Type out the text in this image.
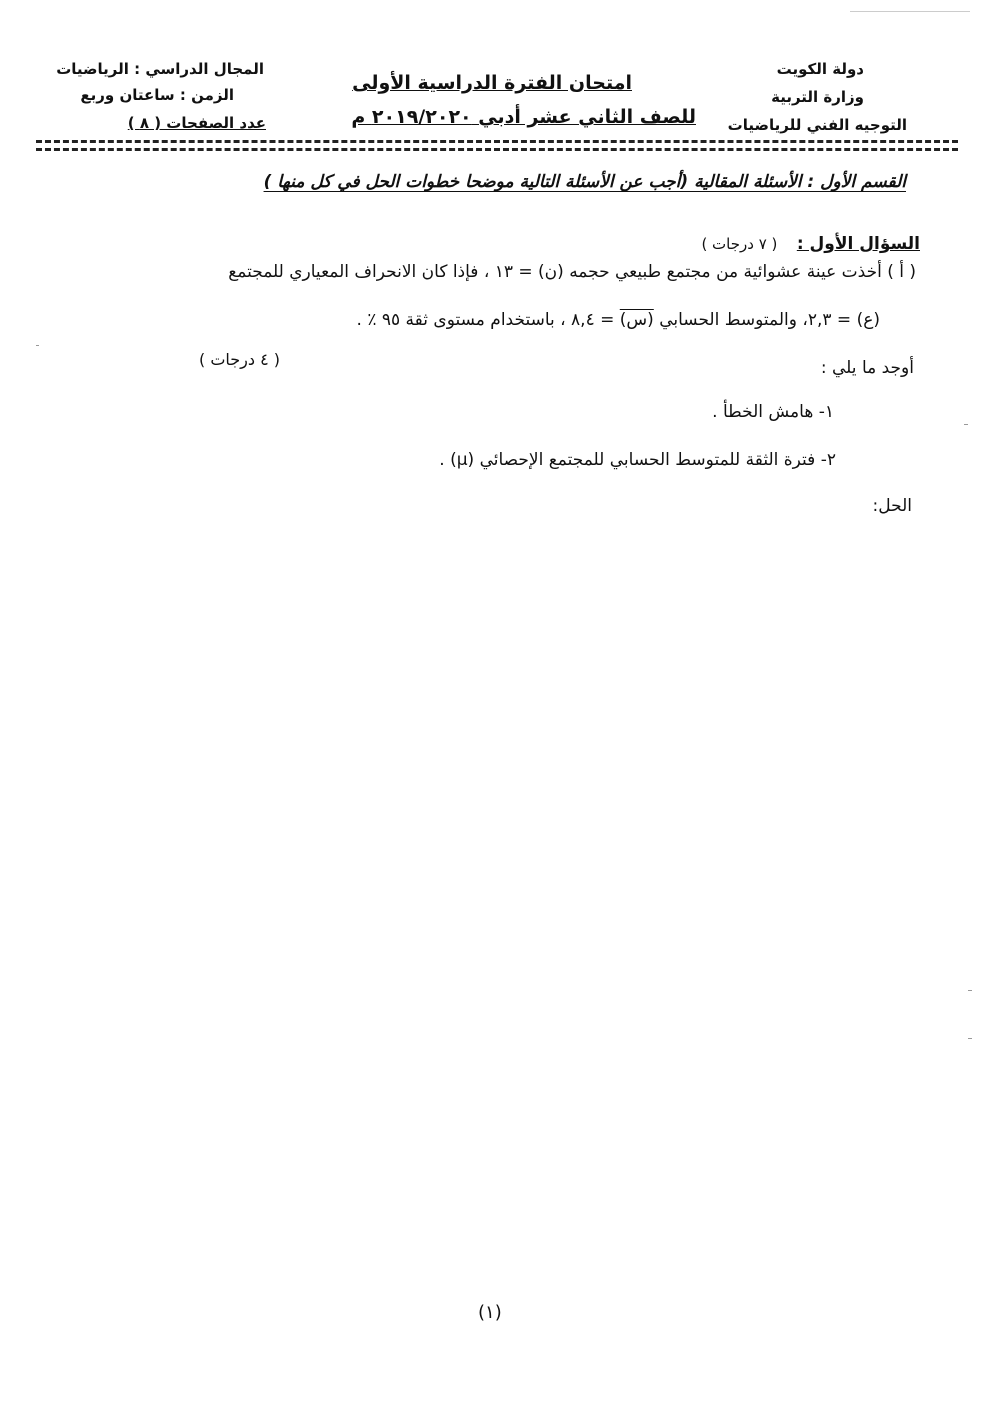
دولة الكويت
وزارة التربية
التوجيه الفني للرياضيات
امتحان الفترة الدراسية الأولى
للصف الثاني عشر أدبي ٢٠١٩/٢٠٢٠ م
المجال الدراسي : الرياضيات
الزمن : ساعتان وربع
عدد الصفحات ( ٨ )
القسم الأول : الأسئلة المقالية (أجب عن الأسئلة التالية موضحا خطوات الحل في كل منها )
السؤال الأول : ( ٧ درجات )
( أ ) أخذت عينة عشوائية من مجتمع طبيعي حجمه (ن) = ١٣ ، فإذا كان الانحراف المعياري للمجتمع
(ع) = ٢,٣، والمتوسط الحسابي (س) = ٨,٤ ، باستخدام مستوى ثقة ٩٥ ٪ .
أوجد ما يلي :
( ٤ درجات )
١- هامش الخطأ .
٢- فترة الثقة للمتوسط الحسابي للمجتمع الإحصائي (μ) .
الحل:
(١)
